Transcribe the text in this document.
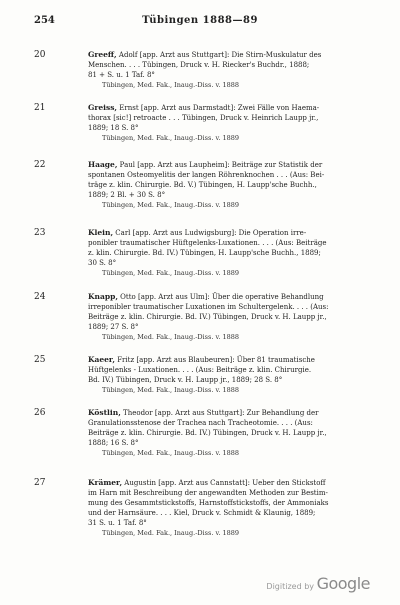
254	Tübingen 1888—89
20	Greeff, Adolf [app. Arzt aus Stuttgart]: Die Stirn-Muskulatur des
Menschen. . . . Tübingen, Druck v. H. Riecker's Buchdr., 1888;
81 + S. u. 1 Taf. 8°
Tübingen, Med. Fak., Inaug.-Diss. v. 1888
21	Greiss, Ernst [app. Arzt aus Darmstadt]: Zwei Fälle von Haema-
thorax [sic!] retroacte . . . Tübingen, Druck v. Heinrich Laupp jr.,
1889; 18 S. 8°
Tübingen, Med. Fak., Inaug.-Diss. v. 1889
22	Haage, Paul [app. Arzt aus Laupheim]: Beiträge zur Statistik der
spontanen Osteomyelitis der langen Röhrenknochen . . . (Aus: Bei-
träge z. klin. Chirurgie. Bd. V.) Tübingen, H. Laupp'sche Buchh.,
1889; 2 Bl. + 30 S. 8°
Tübingen, Med. Fak., Inaug.-Diss. v. 1889
23	Klein, Carl [app. Arzt aus Ludwigsburg]: Die Operation irre-
ponibler traumatischer Hüftgelenks-Luxationen. . . . (Aus: Beiträge
z. klin. Chirurgie. Bd. IV.) Tübingen, H. Laupp'sche Buchh., 1889;
30 S. 8°
Tübingen, Med. Fak., Inaug.-Diss. v. 1889
24	Knapp, Otto [app. Arzt aus Ulm]: Über die operative Behandlung
irreponibler traumatischer Luxationen im Schultergelenk. . . . (Aus:
Beiträge z. klin. Chirurgie. Bd. IV.) Tübingen, Druck v. H. Laupp jr.,
1889; 27 S. 8°
Tübingen, Med. Fak., Inaug.-Diss. v. 1888
25	Kaeer, Fritz [app. Arzt aus Blaubeuren]: Über 81 traumatische
Hüftgelenks - Luxationen. . . . (Aus: Beiträge z. klin. Chirurgie.
Bd. IV.) Tübingen, Druck v. H. Laupp jr., 1889; 28 S. 8°
Tübingen, Med. Fak., Inaug.-Diss. v. 1888
26	Köstlin, Theodor [app. Arzt aus Stuttgart]: Zur Behandlung der
Granulationsstenose der Trachea nach Tracheotomie. . . . (Aus:
Beiträge z. klin. Chirurgie. Bd. IV.) Tübingen, Druck v. H. Laupp jr.,
1888; 16 S. 8°
Tübingen, Med. Fak., Inaug.-Diss. v. 1888
27	Krämer, Augustin [app. Arzt aus Cannstatt]: Ueber den Stickstoff
im Harn mit Beschreibung der angewandten Methoden zur Bestim-
mung des Gesammtstickstoffs, Harnstoffstickstoffs, der Ammoniaks
und der Harnsäure. . . . Kiel, Druck v. Schmidt & Klaunig, 1889;
31 S. u. 1 Taf. 8°
Tübingen, Med. Fak., Inaug.-Diss. v. 1889
Digitized by Google
